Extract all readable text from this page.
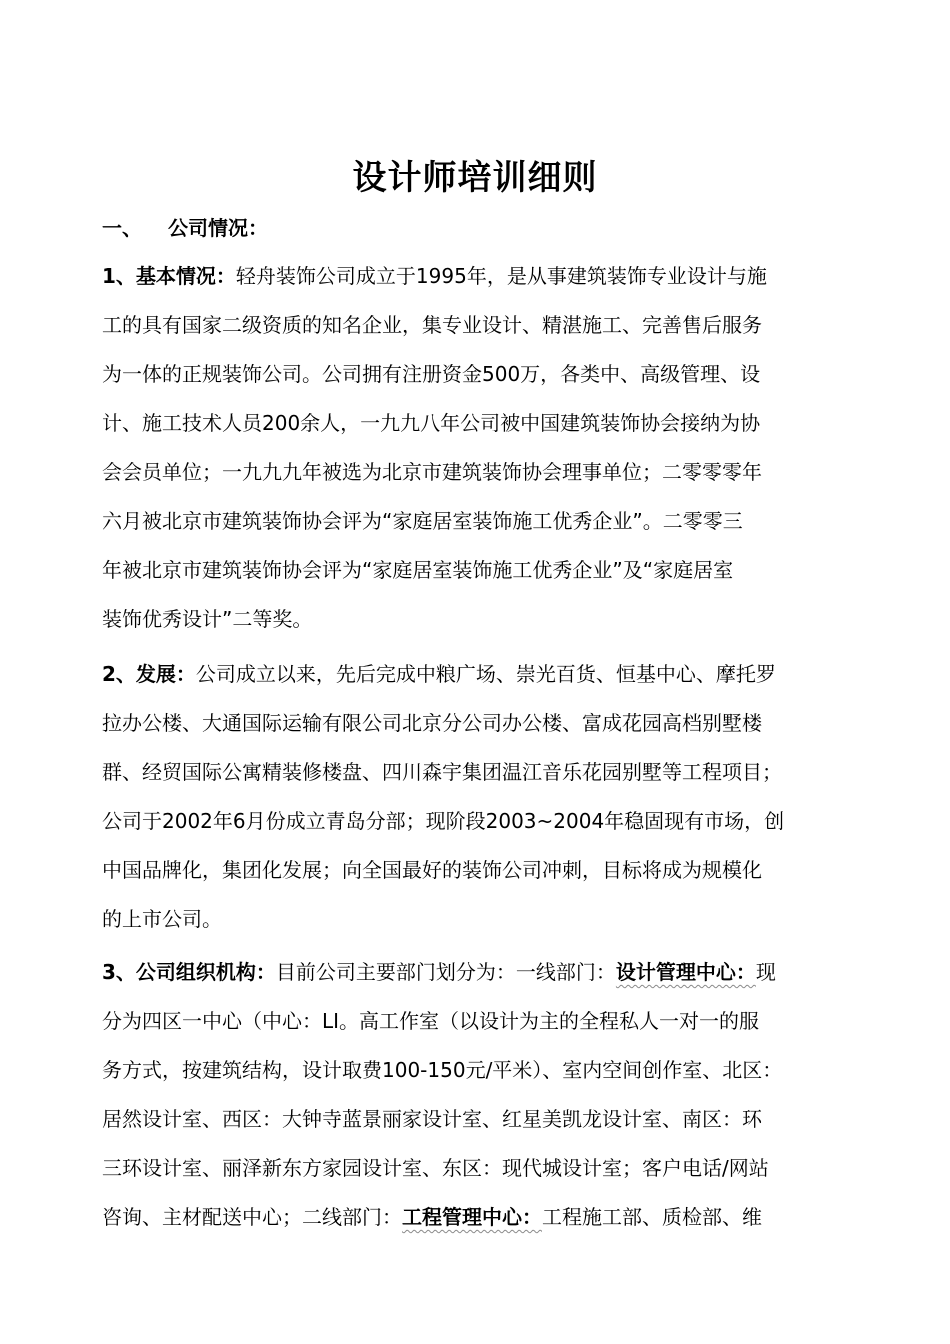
设计师培训细则
一、 公司情况：
1、基本情况：轻舟装饰公司成立于1995年，是从事建筑装饰专业设计与施
工的具有国家二级资质的知名企业，集专业设计、精湛施工、完善售后服务
为一体的正规装饰公司。公司拥有注册资金500万，各类中、高级管理、设
计、施工技术人员200余人，一九九八年公司被中国建筑装饰协会接纳为协
会会员单位；一九九九年被选为北京市建筑装饰协会理事单位；二零零零年
六月被北京市建筑装饰协会评为“家庭居室装饰施工优秀企业”。二零零三
年被北京市建筑装饰协会评为“家庭居室装饰施工优秀企业”及“家庭居室
装饰优秀设计”二等奖。
2、发展：公司成立以来，先后完成中粮广场、崇光百货、恒基中心、摩托罗
拉办公楼、大通国际运输有限公司北京分公司办公楼、富成花园高档别墅楼
群、经贸国际公寓精装修楼盘、四川森宇集团温江音乐花园别墅等工程项目；
公司于2002年6月份成立青岛分部；现阶段2003~2004年稳固现有市场，创
中国品牌化，集团化发展；向全国最好的装饰公司冲刺，目标将成为规模化
的上市公司。
3、公司组织机构：目前公司主要部门划分为：一线部门：设计管理中心：现
分为四区一中心（中心：LI。高工作室（以设计为主的全程私人一对一的服
务方式，按建筑结构，设计取费100-150元/平米）、室内空间创作室、北区：
居然设计室、西区：大钟寺蓝景丽家设计室、红星美凯龙设计室、南区：环
三环设计室、丽泽新东方家园设计室、东区：现代城设计室；客户电话/网站
咨询、主材配送中心；二线部门：工程管理中心：工程施工部、质检部、维
